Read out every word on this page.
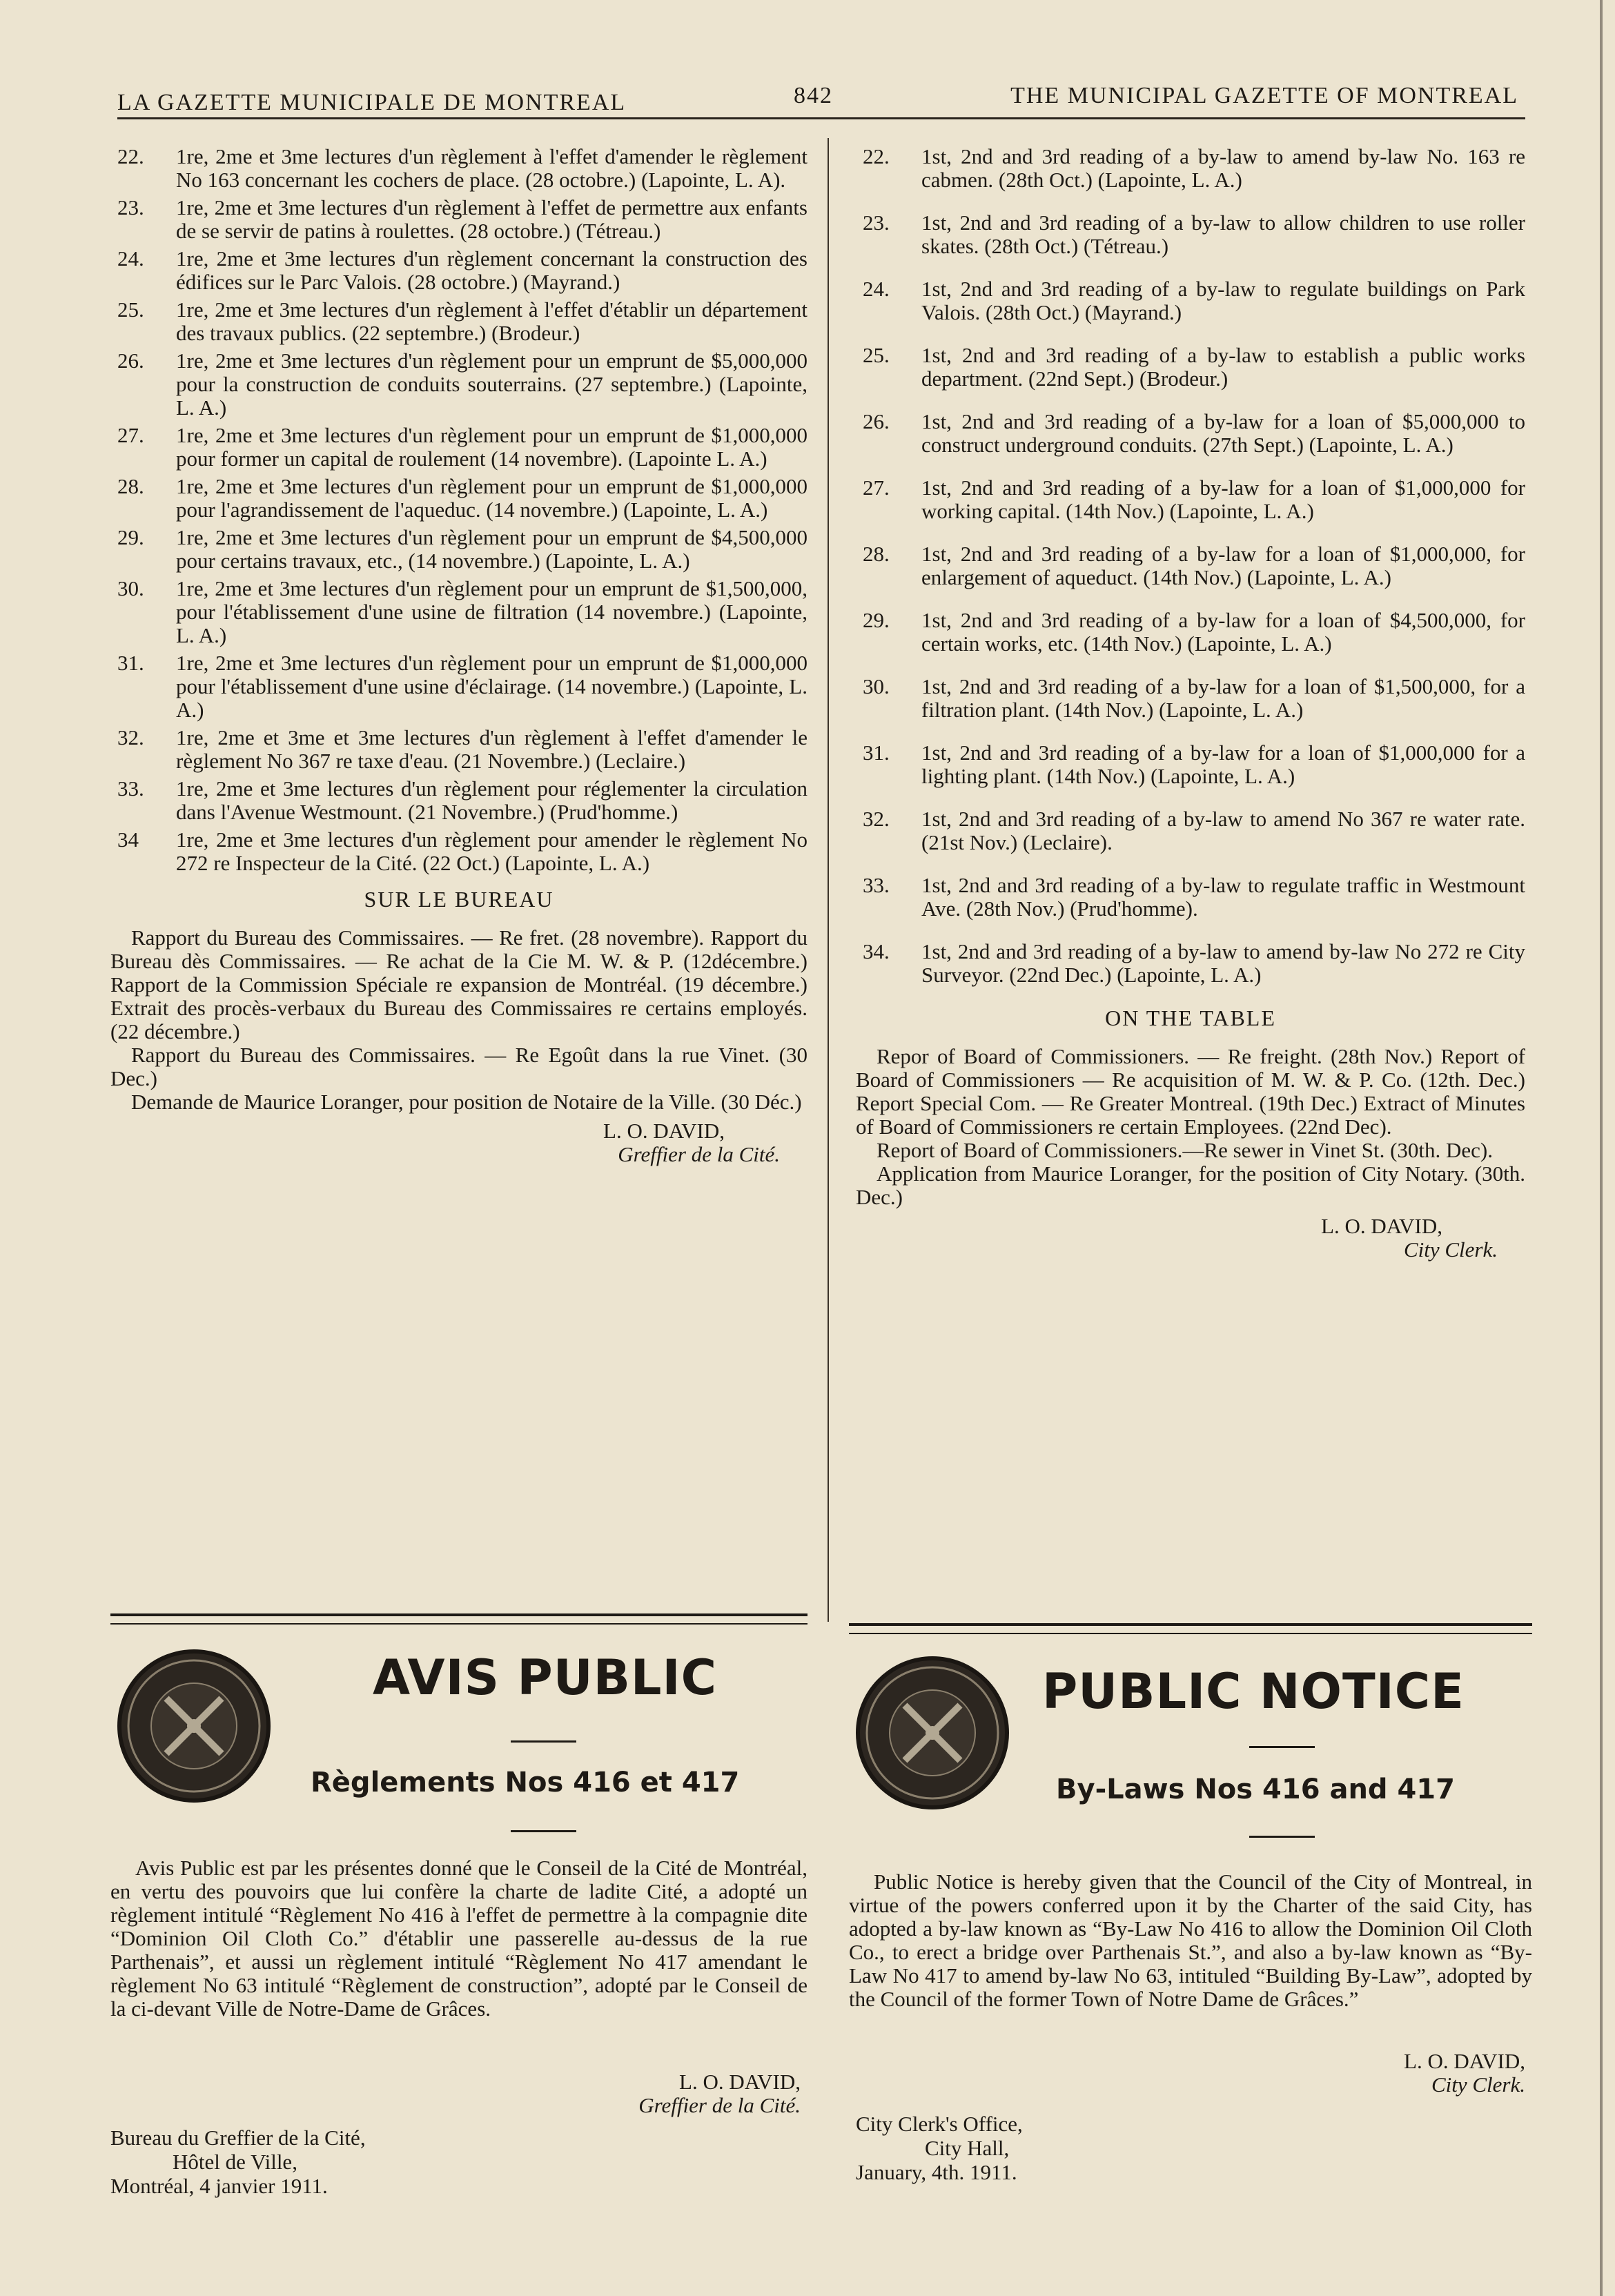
LA GAZETTE MUNICIPALE DE MONTREAL	842	THE MUNICIPAL GAZETTE OF MONTREAL
22. 1re, 2me et 3me lectures d'un règlement à l'effet d'amender le règlement No 163 concernant les cochers de place. (28 octobre.) (Lapointe, L. A).
23. 1re, 2me et 3me lectures d'un règlement à l'effet de permettre aux enfants de se servir de patins à roulettes. (28 octobre.) (Tétreau.)
24. 1re, 2me et 3me lectures d'un règlement concernant la construction des édifices sur le Parc Valois. (28 octobre.) (Mayrand.)
25. 1re, 2me et 3me lectures d'un règlement à l'effet d'établir un département des travaux publics. (22 septembre.) (Brodeur.)
26. 1re, 2me et 3me lectures d'un règlement pour un emprunt de $5,000,000 pour la construction de conduits souterrains. (27 septembre.) (Lapointe, L. A.)
27. 1re, 2me et 3me lectures d'un règlement pour un emprunt de $1,000,000 pour former un capital de roulement (14 novembre). (Lapointe L. A.)
28. 1re, 2me et 3me lectures d'un règlement pour un emprunt de $1,000,000 pour l'agrandissement de l'aqueduc. (14 novembre.) (Lapointe, L. A.)
29. 1re, 2me et 3me lectures d'un règlement pour un emprunt de $4,500,000 pour certains travaux, etc., (14 novembre.) (Lapointe, L. A.)
30. 1re, 2me et 3me lectures d'un règlement pour un emprunt de $1,500,000, pour l'établissement d'une usine de filtration (14 novembre.) (Lapointe, L. A.)
31. 1re, 2me et 3me lectures d'un règlement pour un emprunt de $1,000,000 pour l'établissement d'une usine d'éclairage. (14 novembre.) (Lapointe, L. A.)
32. 1re, 2me et 3me et 3me lectures d'un règlement à l'effet d'amender le règlement No 367 re taxe d'eau. (21 Novembre.) (Leclaire.)
33. 1re, 2me et 3me lectures d'un règlement pour réglementer la circulation dans l'Avenue Westmount. (21 Novembre.) (Prud'homme.)
34 1re, 2me et 3me lectures d'un règlement pour amender le règlement No 272 re Inspecteur de la Cité. (22 Oct.) (Lapointe, L. A.)
SUR LE BUREAU

Rapport du Bureau des Commissaires. — Re fret. (28 novembre). Rapport du Bureau dès Commissaires. — Re achat de la Cie M. W. & P. (12décembre.) Rapport de la Commission Spéciale re expansion de Montréal. (19 décembre.) Extrait des procès-verbaux du Bureau des Commissaires re certains employés. (22 décembre.)

Rapport du Bureau des Commissaires. — Re Egoût dans la rue Vinet. (30 Dec.)

Demande de Maurice Loranger, pour position de Notaire de la Ville. (30 Déc.)

L. O. DAVID,
Greffier de la Cité.
22. 1st, 2nd and 3rd reading of a by-law to amend by-law No. 163 re cabmen. (28th Oct.) (Lapointe, L. A.)
23. 1st, 2nd and 3rd reading of a by-law to allow children to use roller skates. (28th Oct.) (Tétreau.)
24. 1st, 2nd and 3rd reading of a by-law to regulate buildings on Park Valois. (28th Oct.) (Mayrand.)
25. 1st, 2nd and 3rd reading of a by-law to establish a public works department. (22nd Sept.) (Brodeur.)
26. 1st, 2nd and 3rd reading of a by-law for a loan of $5,000,000 to construct underground conduits. (27th Sept.) (Lapointe, L. A.)
27. 1st, 2nd and 3rd reading of a by-law for a loan of $1,000,000 for working capital. (14th Nov.) (Lapointe, L. A.)
28. 1st, 2nd and 3rd reading of a by-law for a loan of $1,000,000, for enlargement of aqueduct. (14th Nov.) (Lapointe, L. A.)
29. 1st, 2nd and 3rd reading of a by-law for a loan of $4,500,000, for certain works, etc. (14th Nov.) (Lapointe, L. A.)
30. 1st, 2nd and 3rd reading of a by-law for a loan of $1,500,000, for a filtration plant. (14th Nov.) (Lapointe, L. A.)
31. 1st, 2nd and 3rd reading of a by-law for a loan of $1,000,000 for a lighting plant. (14th Nov.) (Lapointe, L. A.)
32. 1st, 2nd and 3rd reading of a by-law to amend No 367 re water rate. (21st Nov.) (Leclaire).
33. 1st, 2nd and 3rd reading of a by-law to regulate traffic in Westmount Ave. (28th Nov.) (Prud'homme).
34. 1st, 2nd and 3rd reading of a by-law to amend by-law No 272 re City Surveyor. (22nd Dec.) (Lapointe, L. A.)
ON THE TABLE

Repor of Board of Commissioners. — Re freight. (28th Nov.) Report of Board of Commissioners — Re acquisition of M. W. & P. Co. (12th. Dec.) Report Special Com. — Re Greater Montreal. (19th Dec.) Extract of Minutes of Board of Commissioners re certain Employees. (22nd Dec).

Report of Board of Commissioners.—Re sewer in Vinet St. (30th. Dec).

Application from Maurice Loranger, for the position of City Notary. (30th. Dec.)

L. O. DAVID,
City Clerk.
AVIS PUBLIC
Règlements Nos 416 et 417

Avis Public est par les présentes donné que le Conseil de la Cité de Montréal, en vertu des pouvoirs que lui confère la charte de ladite Cité, a adopté un règlement intitulé “Règlement No 416 à l'effet de permettre à la compagnie dite “Dominion Oil Cloth Co.” d'établir une passerelle au-dessus de la rue Parthenais”, et aussi un règlement intitulé “Règlement No 417 amendant le règlement No 63 intitulé “Règlement de construction”, adopté par le Conseil de la ci-devant Ville de Notre-Dame de Grâces.

L. O. DAVID,
Greffier de la Cité.
Bureau du Greffier de la Cité,
Hôtel de Ville,
Montréal, 4 janvier 1911.
PUBLIC NOTICE
By-Laws Nos 416 and 417

Public Notice is hereby given that the Council of the City of Montreal, in virtue of the powers conferred upon it by the Charter of the said City, has adopted a by-law known as “By-Law No 416 to allow the Dominion Oil Cloth Co., to erect a bridge over Parthenais St.”, and also a by-law known as “By-Law No 417 to amend by-law No 63, intituled “Building By-Law”, adopted by the Council of the former Town of Notre Dame de Grâces.”

L. O. DAVID,
City Clerk.
City Clerk's Office,
City Hall,
January, 4th. 1911.
